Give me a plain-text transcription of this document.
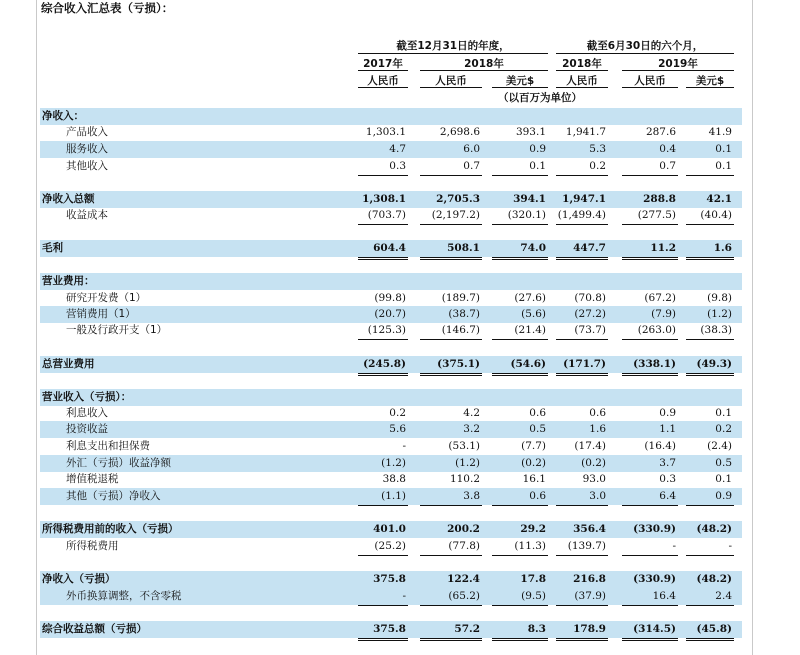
综合收入汇总表（亏损）：
截至12月31日的年度，	截至6月30日的六个月，
2017年	2018年	2018年	2019年
人民币	人民币	美元$	人民币	人民币	美元$
（以百万为单位）
净收入：
产品收入	1,303.1	2,698.6	393.1	1,941.7	287.6	41.9
服务收入	4.7	6.0	0.9	5.3	0.4	0.1
其他收入	0.3	0.7	0.1	0.2	0.7	0.1
净收入总额	1,308.1	2,705.3	394.1	1,947.1	288.8	42.1
收益成本	(703.7)	(2,197.2)	(320.1) (1,499.4)	(277.5)	(40.4)
毛利	604.4	508.1	74.0	447.7	11.2	1.6
营业费用：
研究开发费（1）	(99.8)	(189.7)	(27.6)	(70.8)	(67.2)	(9.8)
营销费用（1）	(20.7)	(38.7)	(5.6)	(27.2)	(7.9)	(1.2)
一般及行政开支（1）	(125.3)	(146.7)	(21.4)	(73.7)	(263.0)	(38.3)
总营业费用	(245.8)	(375.1)	(54.6)	(171.7)	(338.1)	(49.3)
营业收入（亏损）：
利息收入	0.2	4.2	0.6	0.6	0.9	0.1
投资收益	5.6	3.2	0.5	1.6	1.1	0.2
利息支出和担保费	-	(53.1)	(7.7)	(17.4)	(16.4)	(2.4)
外汇（亏损）收益净额	(1.2)	(1.2)	(0.2)	(0.2)	3.7	0.5
增值税退税	38.8	110.2	16.1	93.0	0.3	0.1
其他（亏损）净收入	(1.1)	3.8	0.6	3.0	6.4	0.9
所得税费用前的收入（亏损）	401.0	200.2	29.2	356.4	(330.9)	(48.2)
所得税费用	(25.2)	(77.8)	(11.3)	(139.7)	-	-
净收入（亏损）	375.8	122.4	17.8	216.8	(330.9)	(48.2)
外币换算调整，不含零税	-	(65.2)	(9.5)	(37.9)	16.4	2.4
综合收益总额（亏损）	375.8	57.2	8.3	178.9	(314.5)	(45.8)
